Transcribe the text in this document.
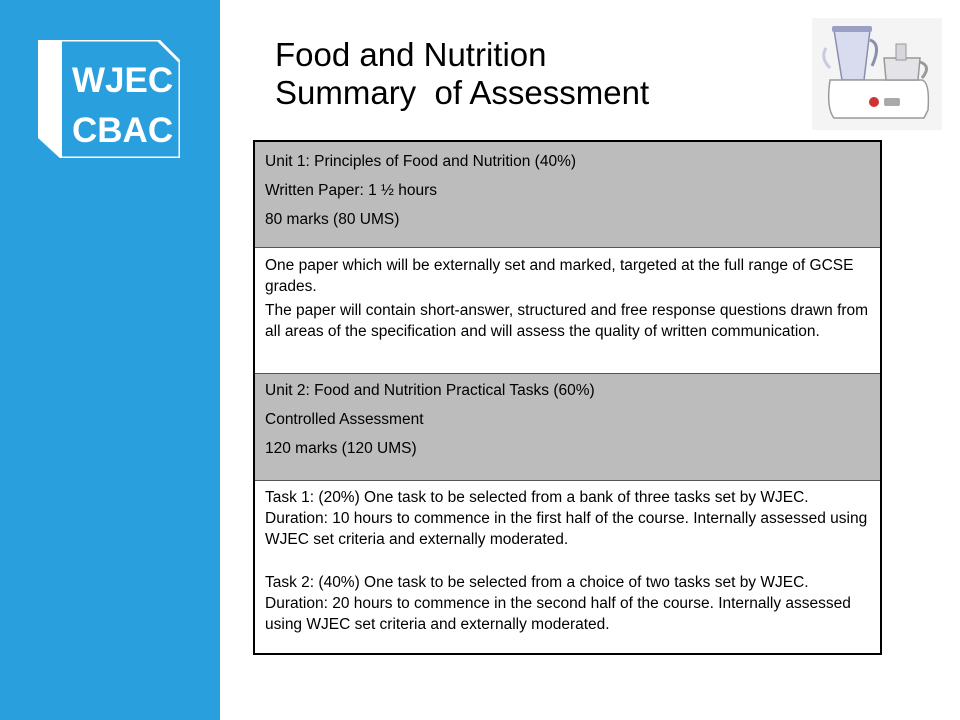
WJEC
CBAC
Food and Nutrition
Summary  of Assessment

Unit 1: Principles of Food and Nutrition (40%)

Written Paper: 1 ½ hours

80 marks (80 UMS)

One paper which will be externally set and marked, targeted at the full range of GCSE grades.

The paper will contain short-answer, structured and free response questions drawn from all areas of the specification and will assess the quality of written communication.

Unit 2: Food and Nutrition Practical Tasks (60%)

Controlled Assessment

120 marks (120 UMS)

Task 1: (20%) One task to be selected from a bank of three tasks set by WJEC. Duration: 10 hours to commence in the first half of the course. Internally assessed using WJEC set criteria and externally moderated.

Task 2: (40%) One task to be selected from a choice of two tasks set by WJEC. Duration: 20 hours to commence in the second half of the course. Internally assessed using WJEC set criteria and externally moderated.
